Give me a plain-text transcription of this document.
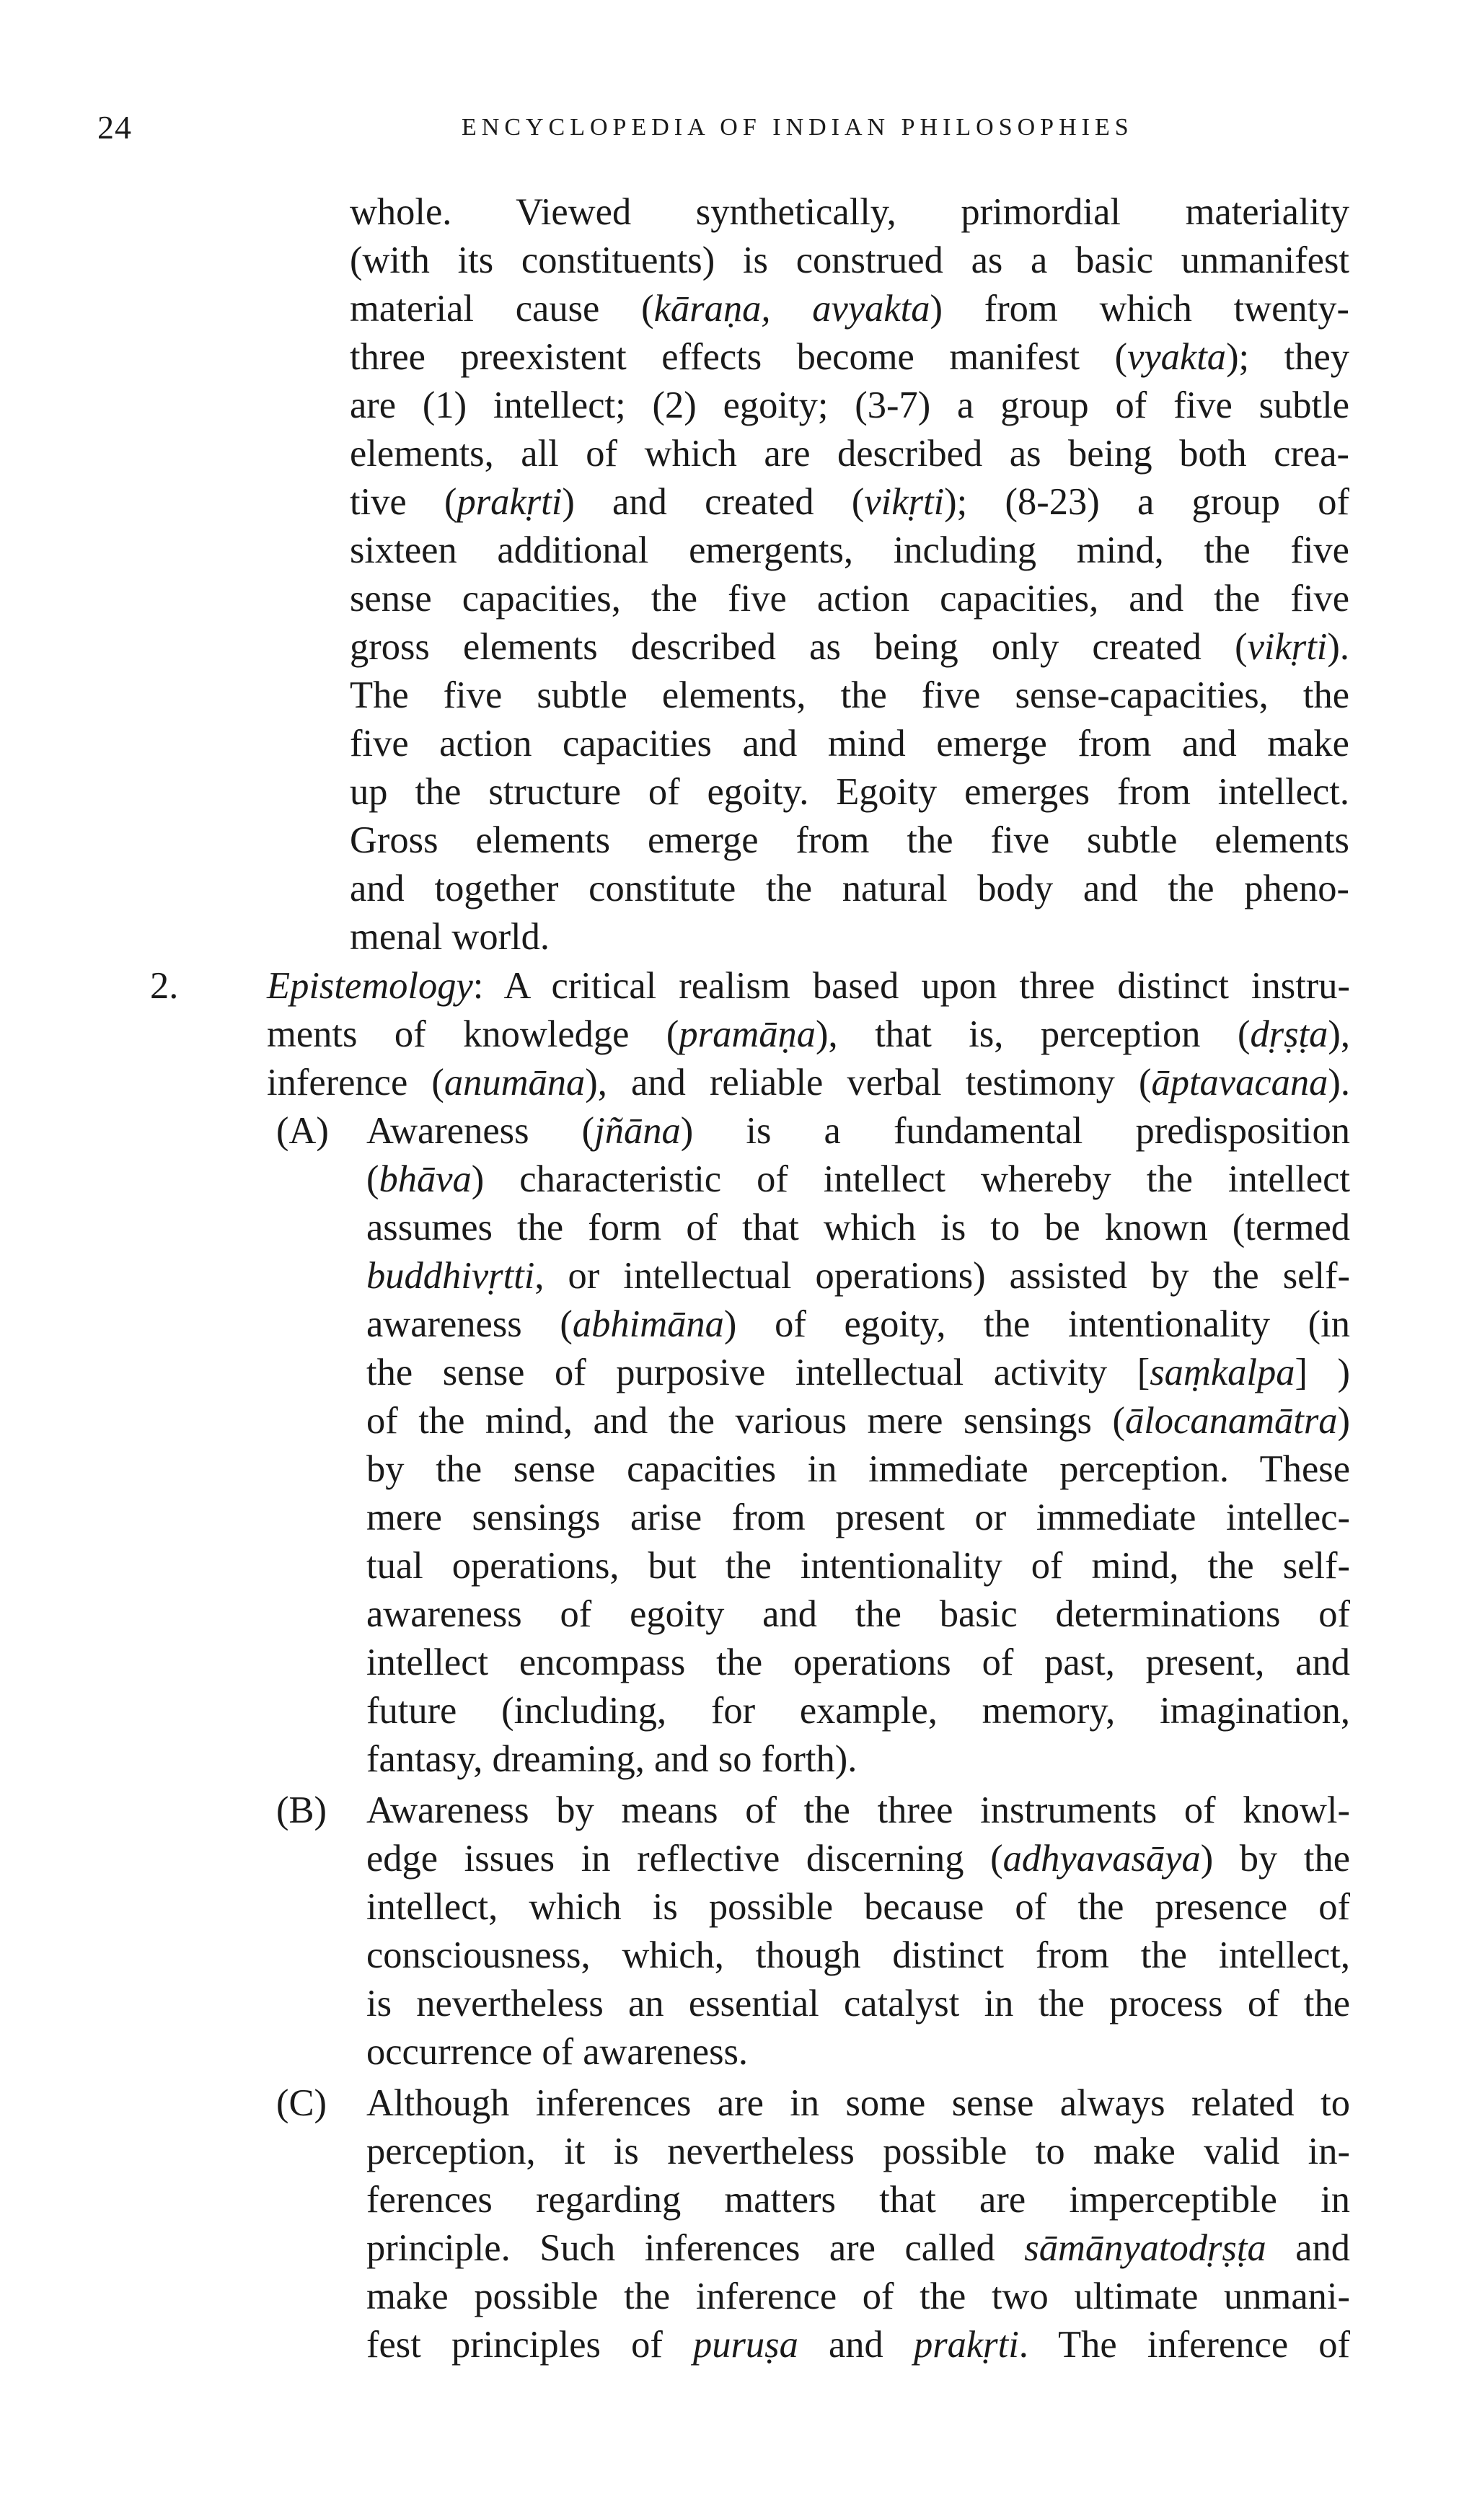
24	ENCYCLOPEDIA OF INDIAN PHILOSOPHIES
whole. Viewed synthetically, primordial materiality
(with its constituents) is construed as a basic unmanifest
material cause (kāraṇa, avyakta) from which twenty-
three preexistent effects become manifest (vyakta); they
are (1) intellect; (2) egoity; (3-7) a group of five subtle
elements, all of which are described as being both crea-
tive (prakṛti) and created (vikṛti); (8-23) a group of
sixteen additional emergents, including mind, the five
sense capacities, the five action capacities, and the five
gross elements described as being only created (vikṛti).
The five subtle elements, the five sense-capacities, the
five action capacities and mind emerge from and make
up the structure of egoity. Egoity emerges from intellect.
Gross elements emerge from the five subtle elements
and together constitute the natural body and the pheno-
menal world.
2. Epistemology: A critical realism based upon three distinct instru-
ments of knowledge (pramāṇa), that is, perception (dṛṣṭa),
inference (anumāna), and reliable verbal testimony (āptavacana).
(A) Awareness (jñāna) is a fundamental predisposition
(bhāva) characteristic of intellect whereby the intellect
assumes the form of that which is to be known (termed
buddhivṛtti, or intellectual operations) assisted by the self-
awareness (abhimāna) of egoity, the intentionality (in
the sense of purposive intellectual activity [saṃkalpa] )
of the mind, and the various mere sensings (ālocanamātra)
by the sense capacities in immediate perception. These
mere sensings arise from present or immediate intellec-
tual operations, but the intentionality of mind, the self-
awareness of egoity and the basic determinations of
intellect encompass the operations of past, present, and
future (including, for example, memory, imagination,
fantasy, dreaming, and so forth).
(B) Awareness by means of the three instruments of knowl-
edge issues in reflective discerning (adhyavasāya) by the
intellect, which is possible because of the presence of
consciousness, which, though distinct from the intellect,
is nevertheless an essential catalyst in the process of the
occurrence of awareness.
(C) Although inferences are in some sense always related to
perception, it is nevertheless possible to make valid in-
ferences regarding matters that are imperceptible in
principle. Such inferences are called sāmānyatodṛṣṭa and
make possible the inference of the two ultimate unmani-
fest principles of puruṣa and prakṛti. The inference of
